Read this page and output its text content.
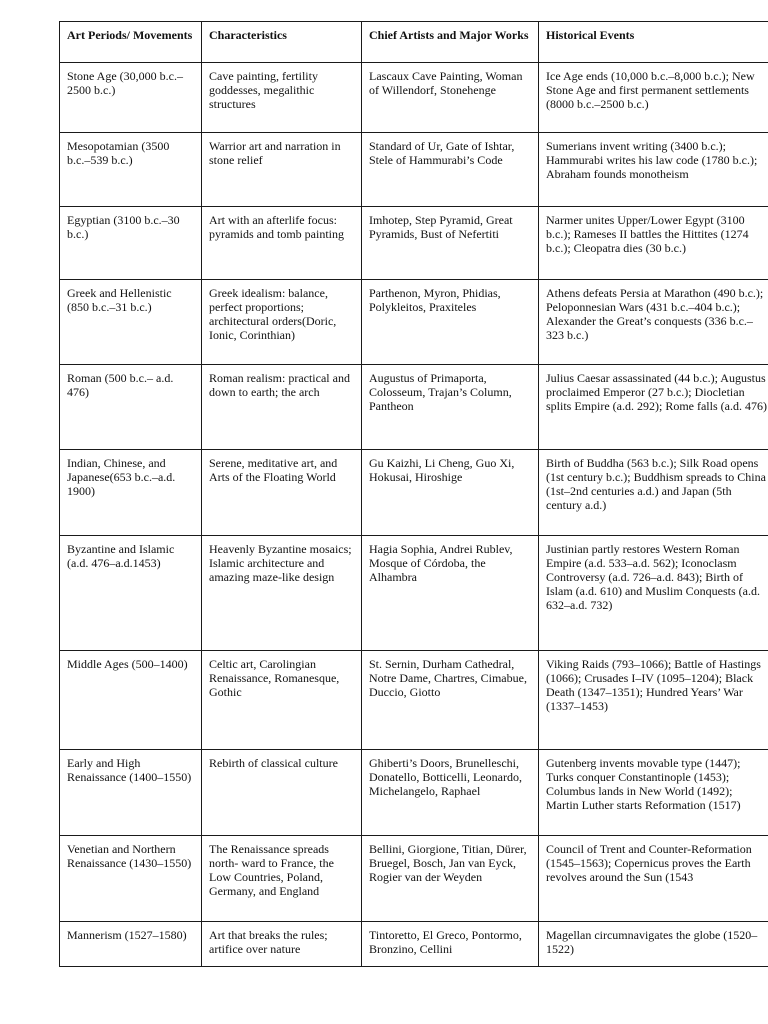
Art Periods/ Movements	Characteristics	Chief Artists and Major Works	Historical Events
Stone Age (30,000 b.c.–2500 b.c.)	Cave painting, fertility goddesses, megalithic structures	Lascaux Cave Painting, Woman of Willendorf, Stonehenge	Ice Age ends (10,000 b.c.–8,000 b.c.); New Stone Age and first permanent settlements (8000 b.c.–2500 b.c.)
Mesopotamian (3500 b.c.–539 b.c.)	Warrior art and narration in stone relief	Standard of Ur, Gate of Ishtar, Stele of Hammurabi’s Code	Sumerians invent writing (3400 b.c.); Hammurabi writes his law code (1780 b.c.); Abraham founds monotheism
Egyptian (3100 b.c.–30 b.c.)	Art with an afterlife focus: pyramids and tomb painting	Imhotep, Step Pyramid, Great Pyramids, Bust of Nefertiti	Narmer unites Upper/Lower Egypt (3100 b.c.); Rameses II battles the Hittites (1274 b.c.); Cleopatra dies (30 b.c.)
Greek and Hellenistic (850 b.c.–31 b.c.)	Greek idealism: balance, perfect proportions; architectural orders(Doric, Ionic, Corinthian)	Parthenon, Myron, Phidias, Polykleitos, Praxiteles	Athens defeats Persia at Marathon (490 b.c.); Peloponnesian Wars (431 b.c.–404 b.c.); Alexander the Great’s conquests (336 b.c.–323 b.c.)
Roman (500 b.c.– a.d. 476)	Roman realism: practical and down to earth; the arch	Augustus of Primaporta, Colosseum, Trajan’s Column, Pantheon	Julius Caesar assassinated (44 b.c.); Augustus proclaimed Emperor (27 b.c.); Diocletian splits Empire (a.d. 292); Rome falls (a.d. 476)
Indian, Chinese, and Japanese(653 b.c.–a.d. 1900)	Serene, meditative art, and Arts of the Floating World	Gu Kaizhi, Li Cheng, Guo Xi, Hokusai, Hiroshige	Birth of Buddha (563 b.c.); Silk Road opens (1st century b.c.); Buddhism spreads to China (1st–2nd centuries a.d.) and Japan (5th century a.d.)
Byzantine and Islamic (a.d. 476–a.d.1453)	Heavenly Byzantine mosaics; Islamic architecture and amazing maze-like design	Hagia Sophia, Andrei Rublev, Mosque of Córdoba, the Alhambra	Justinian partly restores Western Roman Empire (a.d. 533–a.d. 562); Iconoclasm Controversy (a.d. 726–a.d. 843); Birth of Islam (a.d. 610) and Muslim Conquests (a.d. 632–a.d. 732)
Middle Ages (500–1400)	Celtic art, Carolingian Renaissance, Romanesque, Gothic	St. Sernin, Durham Cathedral, Notre Dame, Chartres, Cimabue, Duccio, Giotto	Viking Raids (793–1066); Battle of Hastings (1066); Crusades I–IV (1095–1204); Black Death (1347–1351); Hundred Years’ War (1337–1453)
Early and High Renaissance (1400–1550)	Rebirth of classical culture	Ghiberti’s Doors, Brunelleschi, Donatello, Botticelli, Leonardo, Michelangelo, Raphael	Gutenberg invents movable type (1447); Turks conquer Constantinople (1453); Columbus lands in New World (1492); Martin Luther starts Reformation (1517)
Venetian and Northern Renaissance (1430–1550)	The Renaissance spreads north- ward to France, the Low Countries, Poland, Germany, and England	Bellini, Giorgione, Titian, Dürer, Bruegel, Bosch, Jan van Eyck, Rogier van der Weyden	Council of Trent and Counter-Reformation (1545–1563); Copernicus proves the Earth revolves around the Sun (1543
Mannerism (1527–1580)	Art that breaks the rules; artifice over nature	Tintoretto, El Greco, Pontormo, Bronzino, Cellini	Magellan circumnavigates the globe (1520–1522)
